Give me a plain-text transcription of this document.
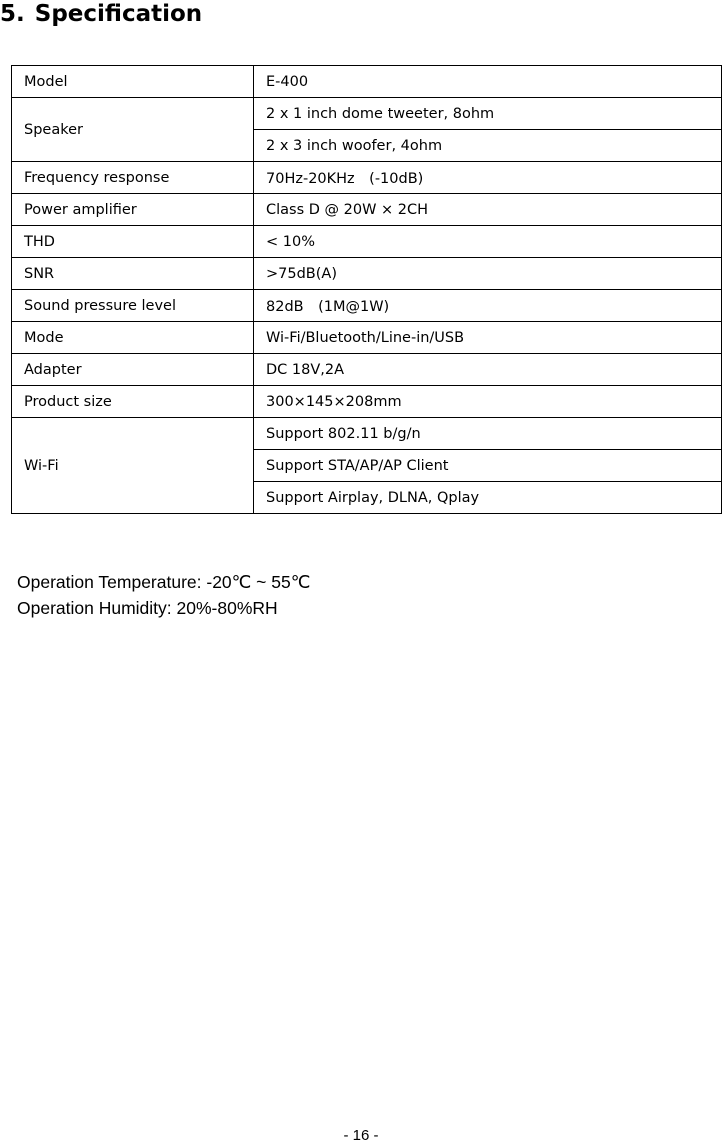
5. Specification
Model	E-400
Speaker	2 x 1 inch dome tweeter, 8ohm
	2 x 3 inch woofer, 4ohm
Frequency response	70Hz-20KHz　(-10dB)
Power amplifier	Class D @ 20W × 2CH
THD	< 10%
SNR	>75dB(A)
Sound pressure level	82dB　(1M@1W)
Mode	Wi-Fi/Bluetooth/Line-in/USB
Adapter	DC 18V,2A
Product size	300×145×208mm
Wi-Fi	Support 802.11 b/g/n
	Support STA/AP/AP Client
	Support Airplay, DLNA, Qplay
Operation Temperature: -20℃ ~ 55℃
Operation Humidity: 20%-80%RH
- 16 -
